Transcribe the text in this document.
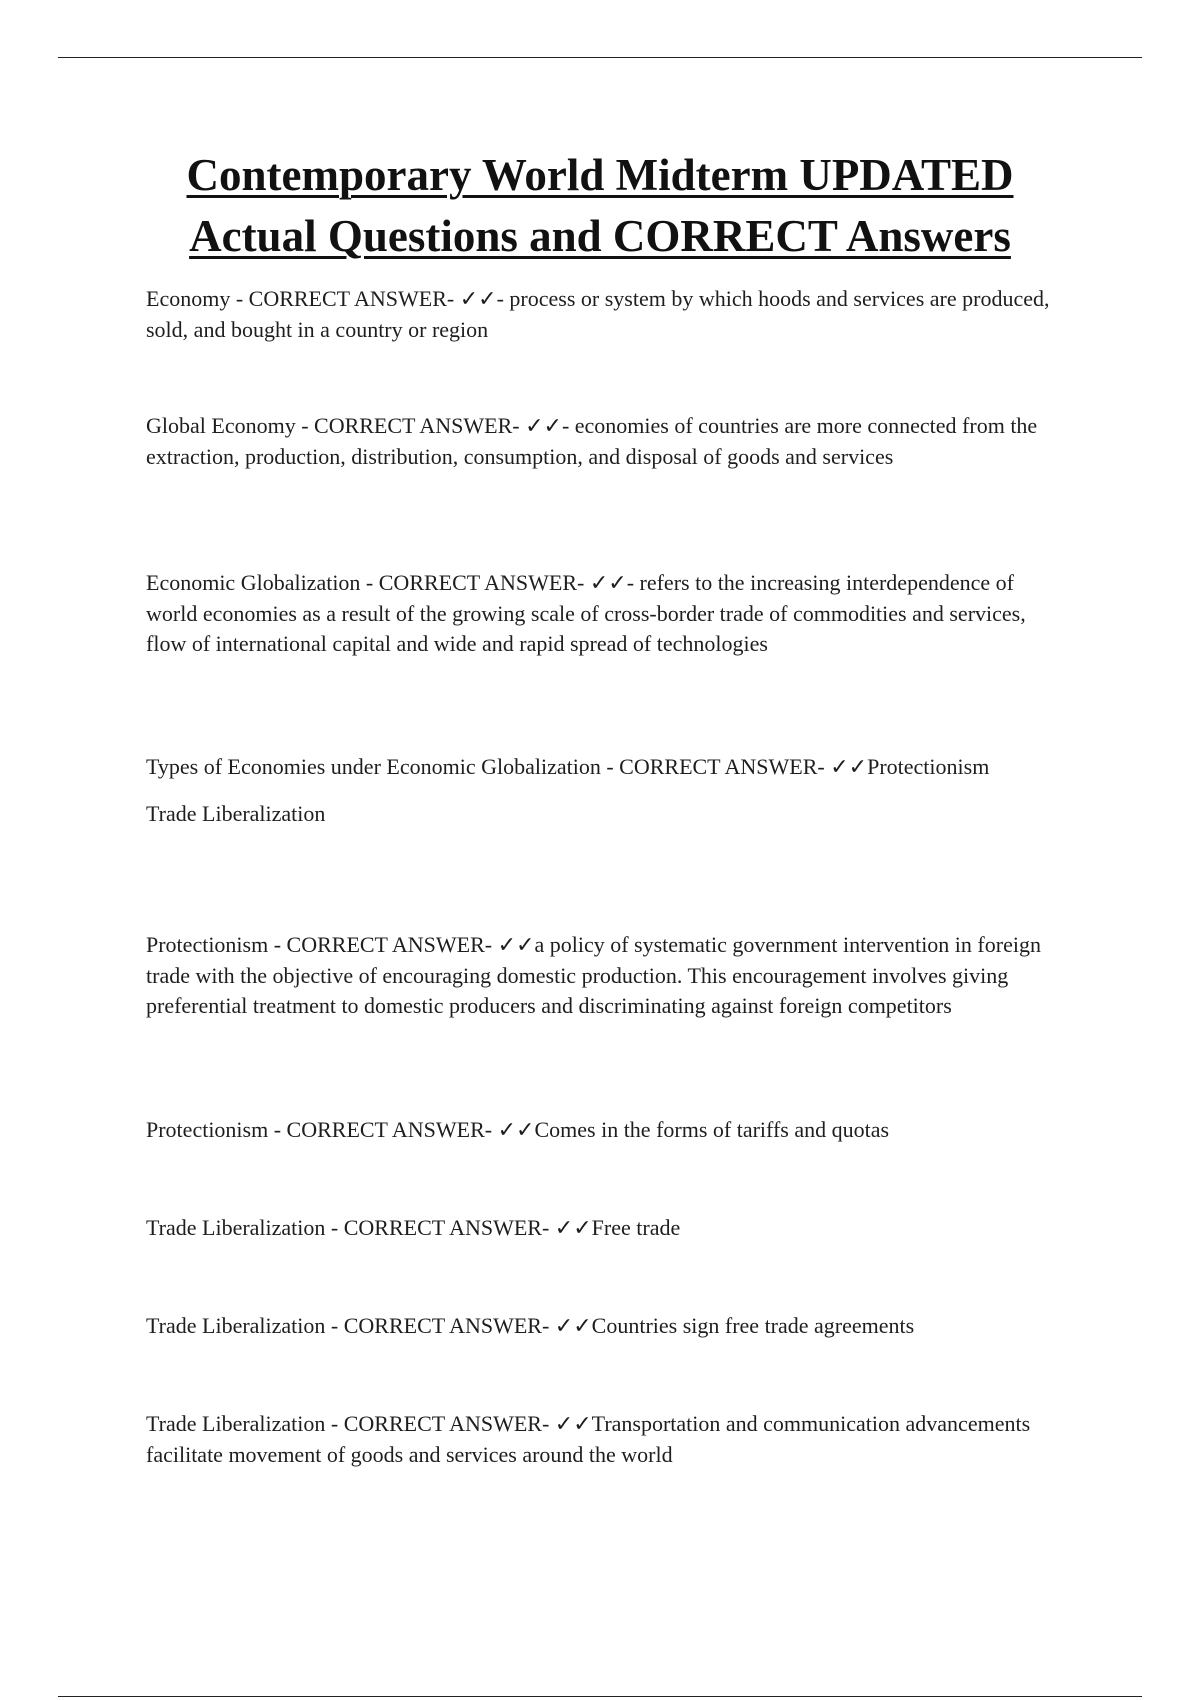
Contemporary World Midterm UPDATED
Actual Questions and CORRECT Answers

Economy - CORRECT ANSWER- ✓✓- process or system by which hoods and services are produced, sold, and bought in a country or region

Global Economy - CORRECT ANSWER- ✓✓- economies of countries are more connected from the extraction, production, distribution, consumption, and disposal of goods and services

Economic Globalization - CORRECT ANSWER- ✓✓- refers to the increasing interdependence of world economies as a result of the growing scale of cross-border trade of commodities and services, flow of international capital and wide and rapid spread of technologies

Types of Economies under Economic Globalization - CORRECT ANSWER- ✓✓Protectionism
Trade Liberalization

Protectionism - CORRECT ANSWER- ✓✓a policy of systematic government intervention in foreign trade with the objective of encouraging domestic production. This encouragement involves giving preferential treatment to domestic producers and discriminating against foreign competitors

Protectionism - CORRECT ANSWER- ✓✓Comes in the forms of tariffs and quotas

Trade Liberalization - CORRECT ANSWER- ✓✓Free trade

Trade Liberalization - CORRECT ANSWER- ✓✓Countries sign free trade agreements

Trade Liberalization - CORRECT ANSWER- ✓✓Transportation and communication advancements facilitate movement of goods and services around the world
